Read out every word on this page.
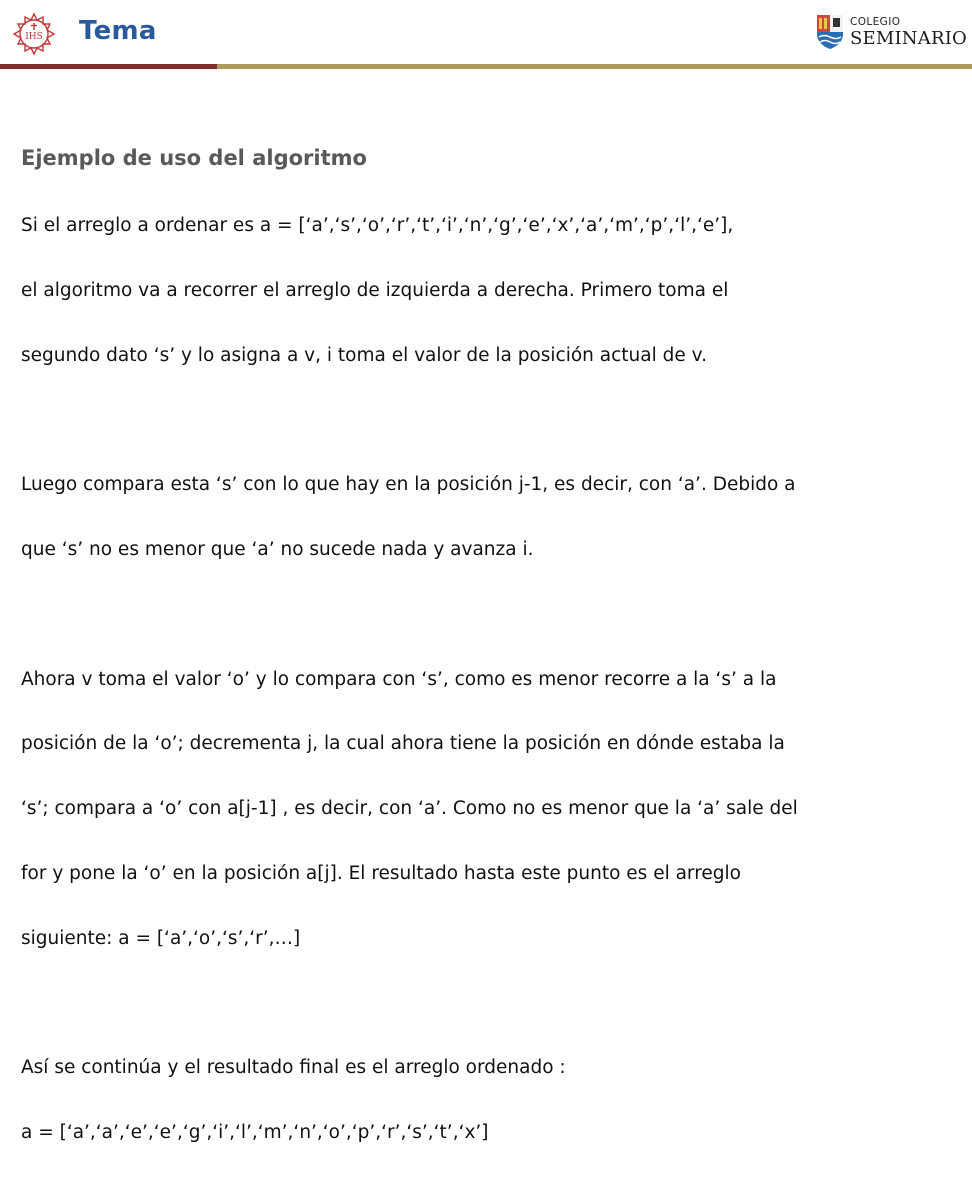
IHS Tema	COLEGIO
SEMINARIO
Ejemplo de uso del algoritmo

Si el arreglo a ordenar es a = [‘a’,‘s’,‘o’,‘r’,‘t’,‘i’,‘n’,‘g’,‘e’,‘x’,‘a’,‘m’,‘p’,‘l’,‘e’],

el algoritmo va a recorrer el arreglo de izquierda a derecha. Primero toma el

segundo dato ‘s’ y lo asigna a v, i toma el valor de la posición actual de v.

Luego compara esta ‘s’ con lo que hay en la posición j-1, es decir, con ‘a’. Debido a

que ‘s’ no es menor que ‘a’ no sucede nada y avanza i.

Ahora v toma el valor ‘o’ y lo compara con ‘s’, como es menor recorre a la ‘s’ a la

posición de la ‘o’; decrementa j, la cual ahora tiene la posición en dónde estaba la

‘s’; compara a ‘o’ con a[j-1] , es decir, con ‘a’. Como no es menor que la ‘a’ sale del

for y pone la ‘o’ en la posición a[j]. El resultado hasta este punto es el arreglo

siguiente: a = [‘a’,‘o’,‘s’,‘r’,…]

Así se continúa y el resultado final es el arreglo ordenado :

a = [‘a’,‘a’,‘e’,‘e’,‘g’,‘i’,‘l’,‘m’,‘n’,‘o’,‘p’,‘r’,‘s’,‘t’,‘x’]
